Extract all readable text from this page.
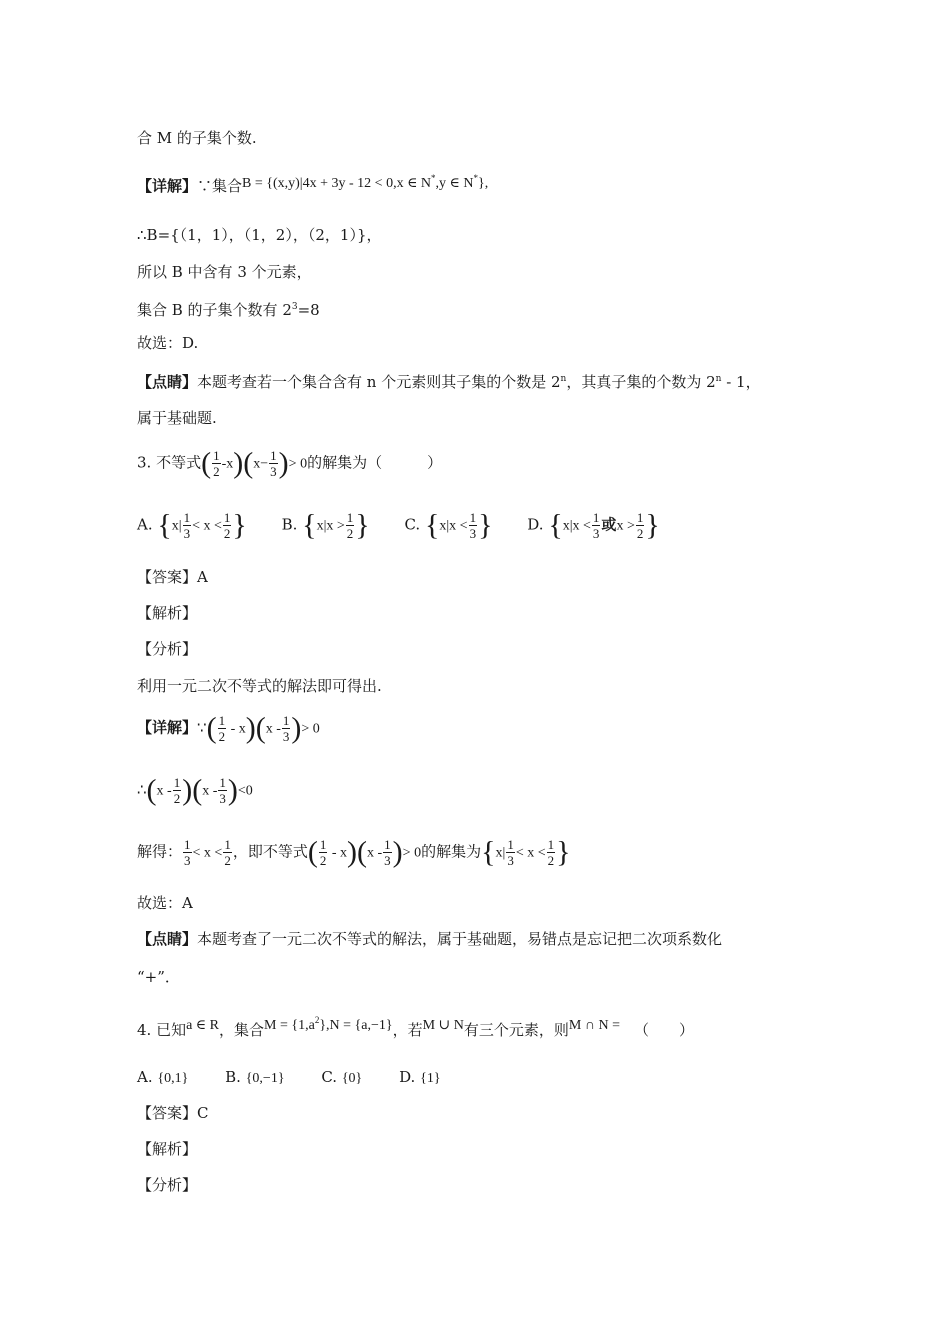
合 M 的子集个数.
【详解】∵集合B = {(x,y)|4x + 3y - 12 < 0,x ∈ N*,y ∈ N*},
∴B={（1，1），（1，2），（2，1）}，
所以 B 中含有 3 个元素，
集合 B 的子集个数有 $2^3=8$
故选：D.
【点睛】本题考查若一个集合含有 n 个元素则其子集的个数是 2$^n$，其真子集的个数为 2$^n$ - 1，
属于基础题.
3. 不等式( $\frac{1}{2} -x)(x- \frac{1}{3}$ )> 0的解集为（　　　）
A. {$x| \frac{1}{3} < x < \frac{1}{2}$ } B. {$x|x > \frac{1}{2}$ } C. {$x|x < \frac{1}{3}$ } D. {$x|x < \frac{1}{3}$ 或$x > \frac{1}{2}$ }
【答案】A
【解析】
【分析】
利用一元二次不等式的解法即可得出.
【详解】∵( $\frac{1}{2} - x)(x - \frac{1}{3}$ )> 0
∴(x - $\frac{1}{2} )(x - \frac{1}{3} )<0$
解得： $\frac{1}{3} < x < \frac{1}{2}$ ，即不等式( $\frac{1}{2} - x)(x - \frac{1}{3}$ )> 0的解集为{$x| \frac{1}{3} < x < \frac{1}{2}$ }
故选：A
【点睛】本题考查了一元二次不等式的解法，属于基础题，易错点是忘记把二次项系数化
“+”．
4. 已知a ∈ R，集合$M = \{1,a^2\},N = \{a,-1\}$，若M ∪ N有三个元素，则M ∩ N = （　　）
A. {0,1} B. {0,−1} C. {0} D. {1}
【答案】C
【解析】
【分析】
